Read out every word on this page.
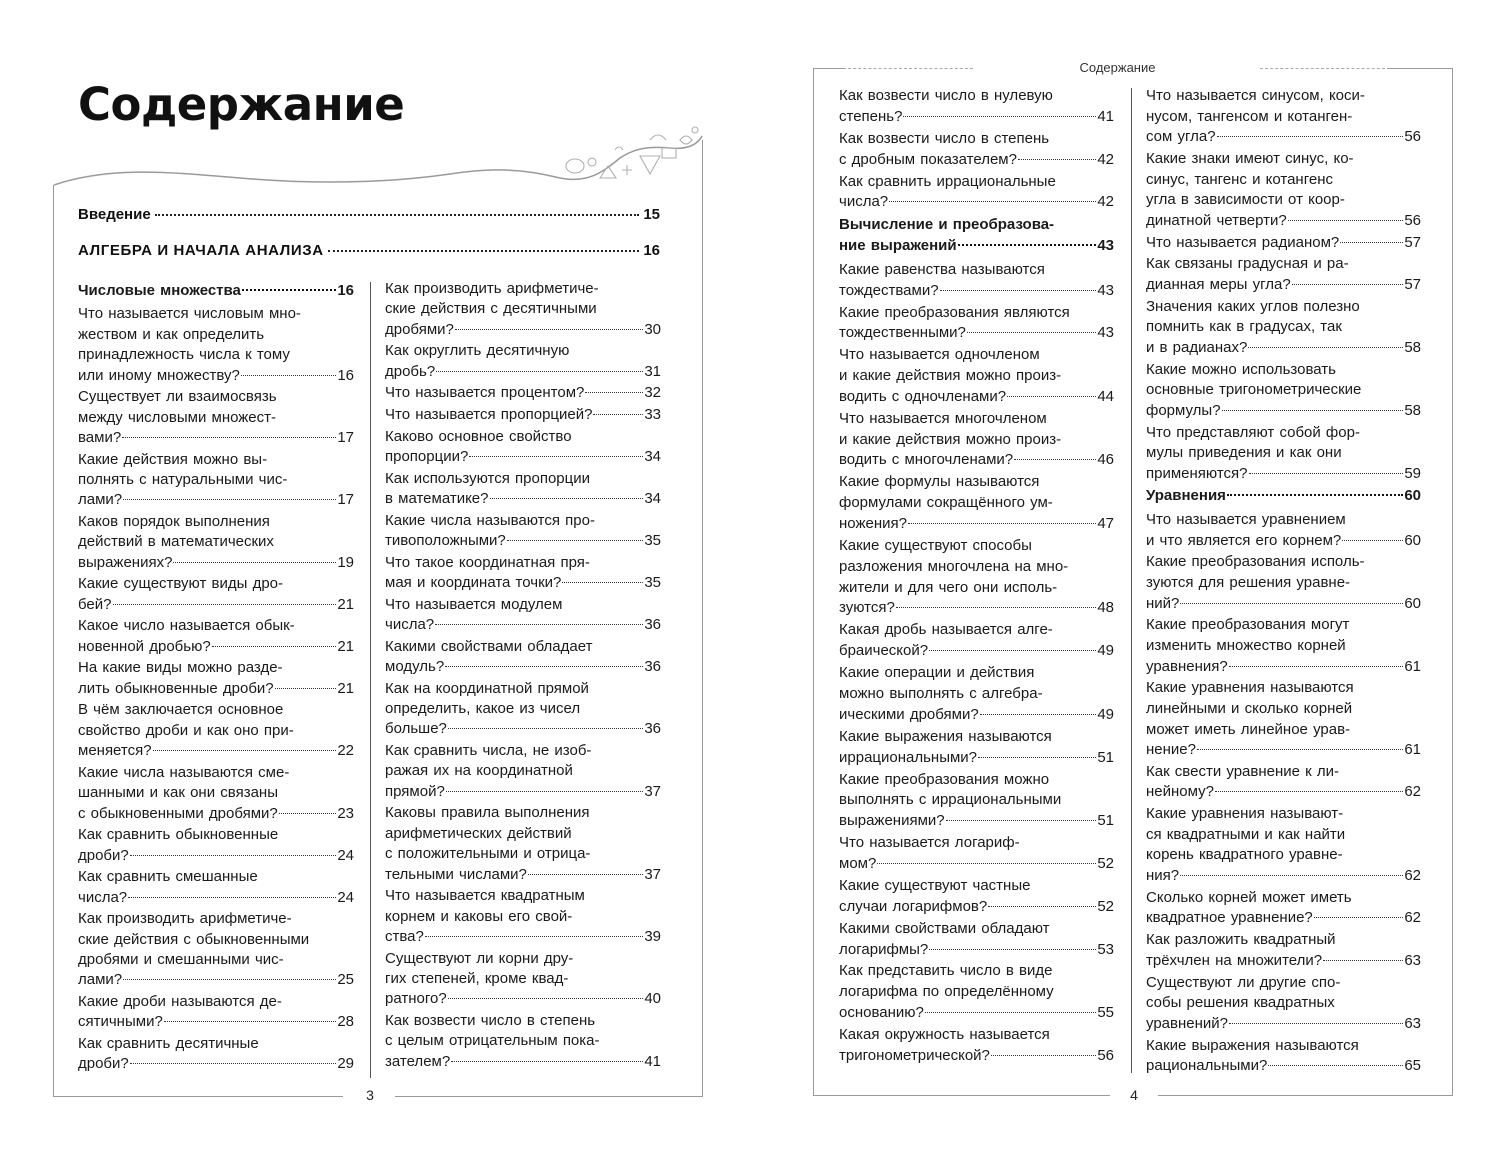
Содержание
3
Введение	15
АЛГЕБРА И НАЧАЛА АНАЛИЗА	16
Числовые множества	16
Что называется числовым мно-
жеством и как определить
принадлежность числа к тому
или иному множеству?	16
Существует ли взаимосвязь
между числовыми множест-
вами?	17
Какие действия можно вы-
полнять с натуральными чис-
лами?	17
Каков порядок выполнения
действий в математических
выражениях?	19
Какие существуют виды дро-
бей?	21
Какое число называется обык-
новенной дробью?	21
На какие виды можно разде-
лить обыкновенные дроби?	21
В чём заключается основное
свойство дроби и как оно при-
меняется?	22
Какие числа называются сме-
шанными и как они связаны
с обыкновенными дробями?	23
Как сравнить обыкновенные
дроби?	24
Как сравнить смешанные
числа?	24
Как производить арифметиче-
ские действия с обыкновенными
дробями и смешанными чис-
лами?	25
Какие дроби называются де-
сятичными?	28
Как сравнить десятичные
дроби?	29
Как производить арифметиче-
ские действия с десятичными
дробями?	30
Как округлить десятичную
дробь?	31
Что называется процентом?	32
Что называется пропорцией?	33
Каково основное свойство
пропорции?	34
Как используются пропорции
в математике?	34
Какие числа называются про-
тивоположными?	35
Что такое координатная пря-
мая и координата точки?	35
Что называется модулем
числа?	36
Какими свойствами обладает
модуль?	36
Как на координатной прямой
определить, какое из чисел
больше?	36
Как сравнить числа, не изоб-
ражая их на координатной
прямой?	37
Каковы правила выполнения
арифметических действий
с положительными и отрица-
тельными числами?	37
Что называется квадратным
корнем и каковы его свой-
ства?	39
Существуют ли корни дру-
гих степеней, кроме квад-
ратного?	40
Как возвести число в степень
с целым отрицательным пока-
зателем?	41
Содержание
4
Как возвести число в нулевую
степень?	41
Как возвести число в степень
с дробным показателем?	42
Как сравнить иррациональные
числа?	42
Вычисление и преобразова-
ние выражений	43
Какие равенства называются
тождествами?	43
Какие преобразования являются
тождественными?	43
Что называется одночленом
и какие действия можно произ-
водить с одночленами?	44
Что называется многочленом
и какие действия можно произ-
водить с многочленами?	46
Какие формулы называются
формулами сокращённого ум-
ножения?	47
Какие существуют способы
разложения многочлена на мно-
жители и для чего они исполь-
зуются?	48
Какая дробь называется алге-
браической?	49
Какие операции и действия
можно выполнять с алгебра-
ическими дробями?	49
Какие выражения называются
иррациональными?	51
Какие преобразования можно
выполнять с иррациональными
выражениями?	51
Что называется логариф-
мом?	52
Какие существуют частные
случаи логарифмов?	52
Какими свойствами обладают
логарифмы?	53
Как представить число в виде
логарифма по определённому
основанию?	55
Какая окружность называется
тригонометрической?	56
Что называется синусом, коси-
нусом, тангенсом и котанген-
сом угла?	56
Какие знаки имеют синус, ко-
синус, тангенс и котангенс
угла в зависимости от коор-
динатной четверти?	56
Что называется радианом?	57
Как связаны градусная и ра-
дианная меры угла?	57
Значения каких углов полезно
помнить как в градусах, так
и в радианах?	58
Какие можно использовать
основные тригонометрические
формулы?	58
Что представляют собой фор-
мулы приведения и как они
применяются?	59
Уравнения	60
Что называется уравнением
и что является его корнем?	60
Какие преобразования исполь-
зуются для решения уравне-
ний?	60
Какие преобразования могут
изменить множество корней
уравнения?	61
Какие уравнения называются
линейными и сколько корней
может иметь линейное урав-
нение?	61
Как свести уравнение к ли-
нейному?	62
Какие уравнения называют-
ся квадратными и как найти
корень квадратного уравне-
ния?	62
Сколько корней может иметь
квадратное уравнение?	62
Как разложить квадратный
трёхчлен на множители?	63
Существуют ли другие спо-
собы решения квадратных
уравнений?	63
Какие выражения называются
рациональными?	65
